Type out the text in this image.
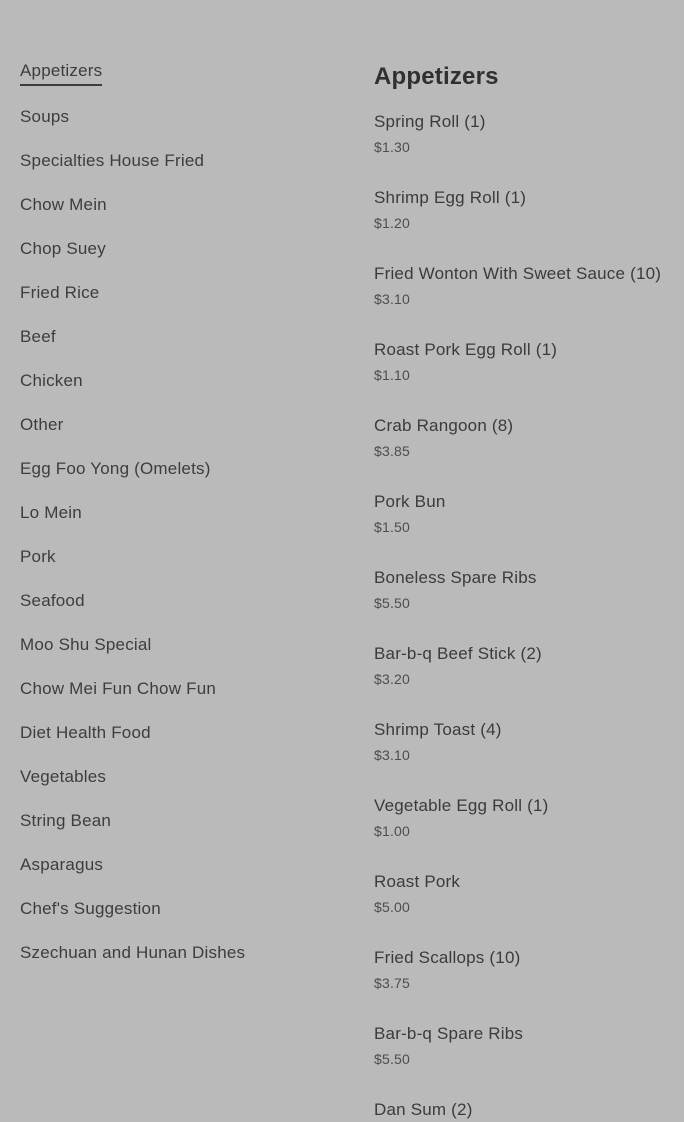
Appetizers
Soups
Specialties House Fried
Chow Mein
Chop Suey
Fried Rice
Beef
Chicken
Other
Egg Foo Yong (Omelets)
Lo Mein
Pork
Seafood
Moo Shu Special
Chow Mei Fun Chow Fun
Diet Health Food
Vegetables
String Bean
Asparagus
Chef's Suggestion
Szechuan and Hunan Dishes
Appetizers
Spring Roll (1)
$1.30
Shrimp Egg Roll (1)
$1.20
Fried Wonton With Sweet Sauce (10)
$3.10
Roast Pork Egg Roll (1)
$1.10
Crab Rangoon (8)
$3.85
Pork Bun
$1.50
Boneless Spare Ribs
$5.50
Bar-b-q Beef Stick (2)
$3.20
Shrimp Toast (4)
$3.10
Vegetable Egg Roll (1)
$1.00
Roast Pork
$5.00
Fried Scallops (10)
$3.75
Bar-b-q Spare Ribs
$5.50
Dan Sum (2)
